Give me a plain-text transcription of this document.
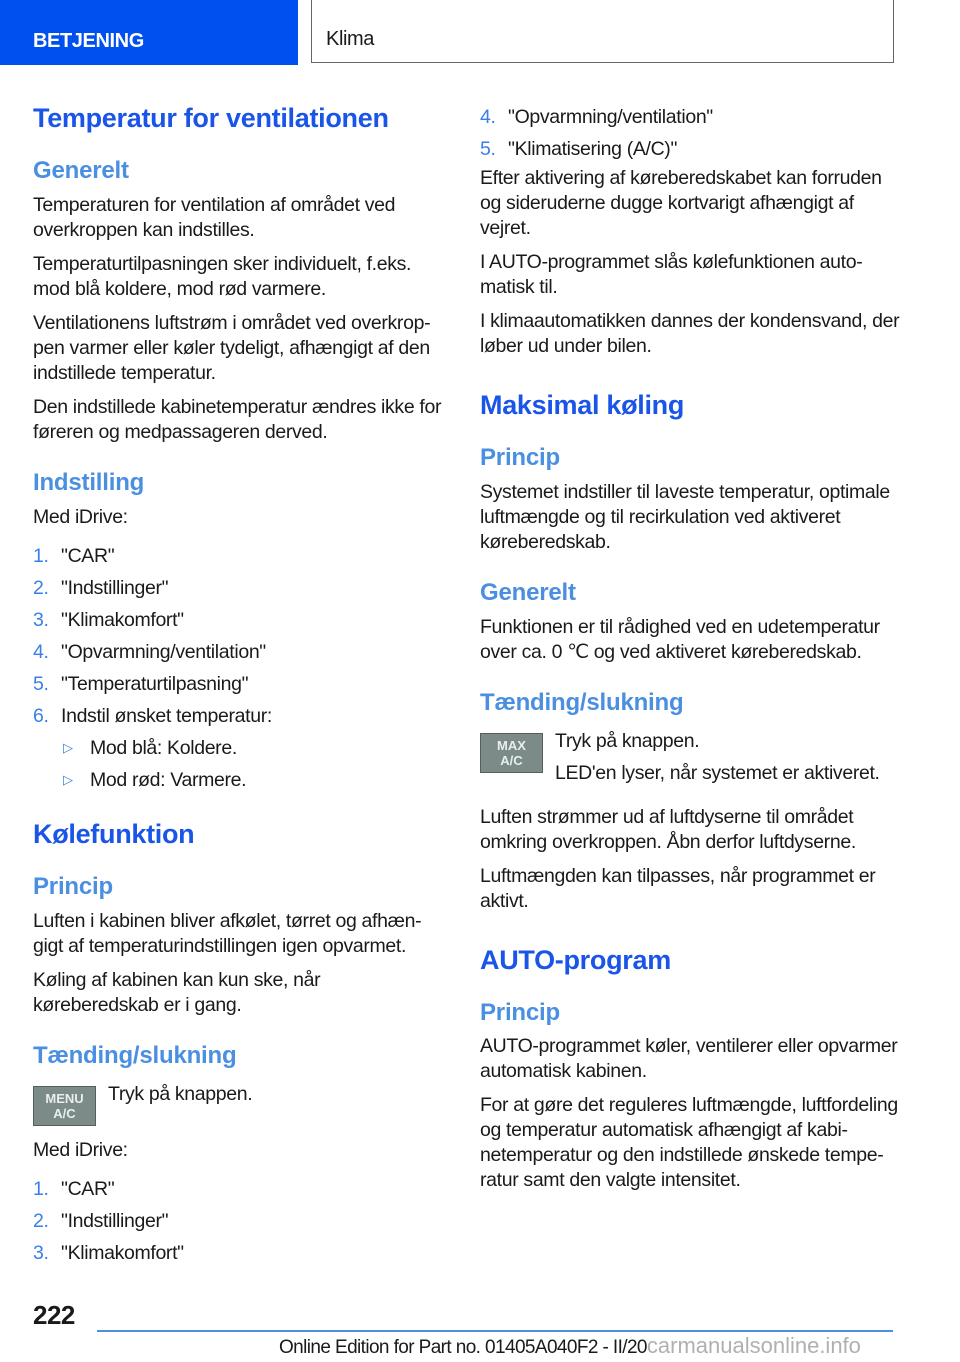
BETJENING	Klima
Temperatur for ventilationen
Generelt

Temperaturen for ventilation af området ved overkroppen kan indstilles.

Temperaturtilpasningen sker individuelt, f.eks. mod blå koldere, mod rød varmere.

Ventilationens luftstrøm i området ved overkroppen varmer eller køler tydeligt, afhængigt af den indstillede temperatur.

Den indstillede kabinetemperatur ændres ikke for føreren og medpassageren derved.

Indstilling

Med iDrive:

1. "CAR"
2. "Indstillinger"
3. "Klimakomfort"
4. "Opvarmning/ventilation"
5. "Temperaturtilpasning"
6. Indstil ønsket temperatur:
▷ Mod blå: Koldere.
▷ Mod rød: Varmere.
Kølefunktion
Princip

Luften i kabinen bliver afkølet, tørret og afhængigt af temperaturindstillingen igen opvarmet.

Køling af kabinen kan kun ske, når køreberedskab er i gang.

Tænding/slukning
MENU
A/C

Tryk på knappen.

Med iDrive:

1. "CAR"
2. "Indstillinger"
3. "Klimakomfort"
4. "Opvarmning/ventilation"
5. "Klimatisering (A/C)"

Efter aktivering af køreberedskabet kan forruden og sideruderne dugge kortvarigt afhængigt af vejret.

I AUTO-programmet slås kølefunktionen automatisk til.

I klimaautomatikken dannes der kondensvand, der løber ud under bilen.

Maksimal køling
Princip

Systemet indstiller til laveste temperatur, optimale luftmængde og til recirkulation ved aktiveret køreberedskab.

Generelt

Funktionen er til rådighed ved en udetemperatur over ca. 0 ℃ og ved aktiveret køreberedskab.

Tænding/slukning
MAX
A/C

Tryk på knappen.

LED'en lyser, når systemet er aktiveret.

Luften strømmer ud af luftdyserne til området omkring overkroppen. Åbn derfor luftdyserne.

Luftmængden kan tilpasses, når programmet er aktivt.

AUTO-program
Princip

AUTO-programmet køler, ventilerer eller opvarmer automatisk kabinen.

For at gøre det reguleres luftmængde, luftfordeling og temperatur automatisk afhængigt af kabinetemperatur og den indstillede ønskede temperatur samt den valgte intensitet.

222
Online Edition for Part no. 01405A040F2 - II/20carmanualsonline.info
